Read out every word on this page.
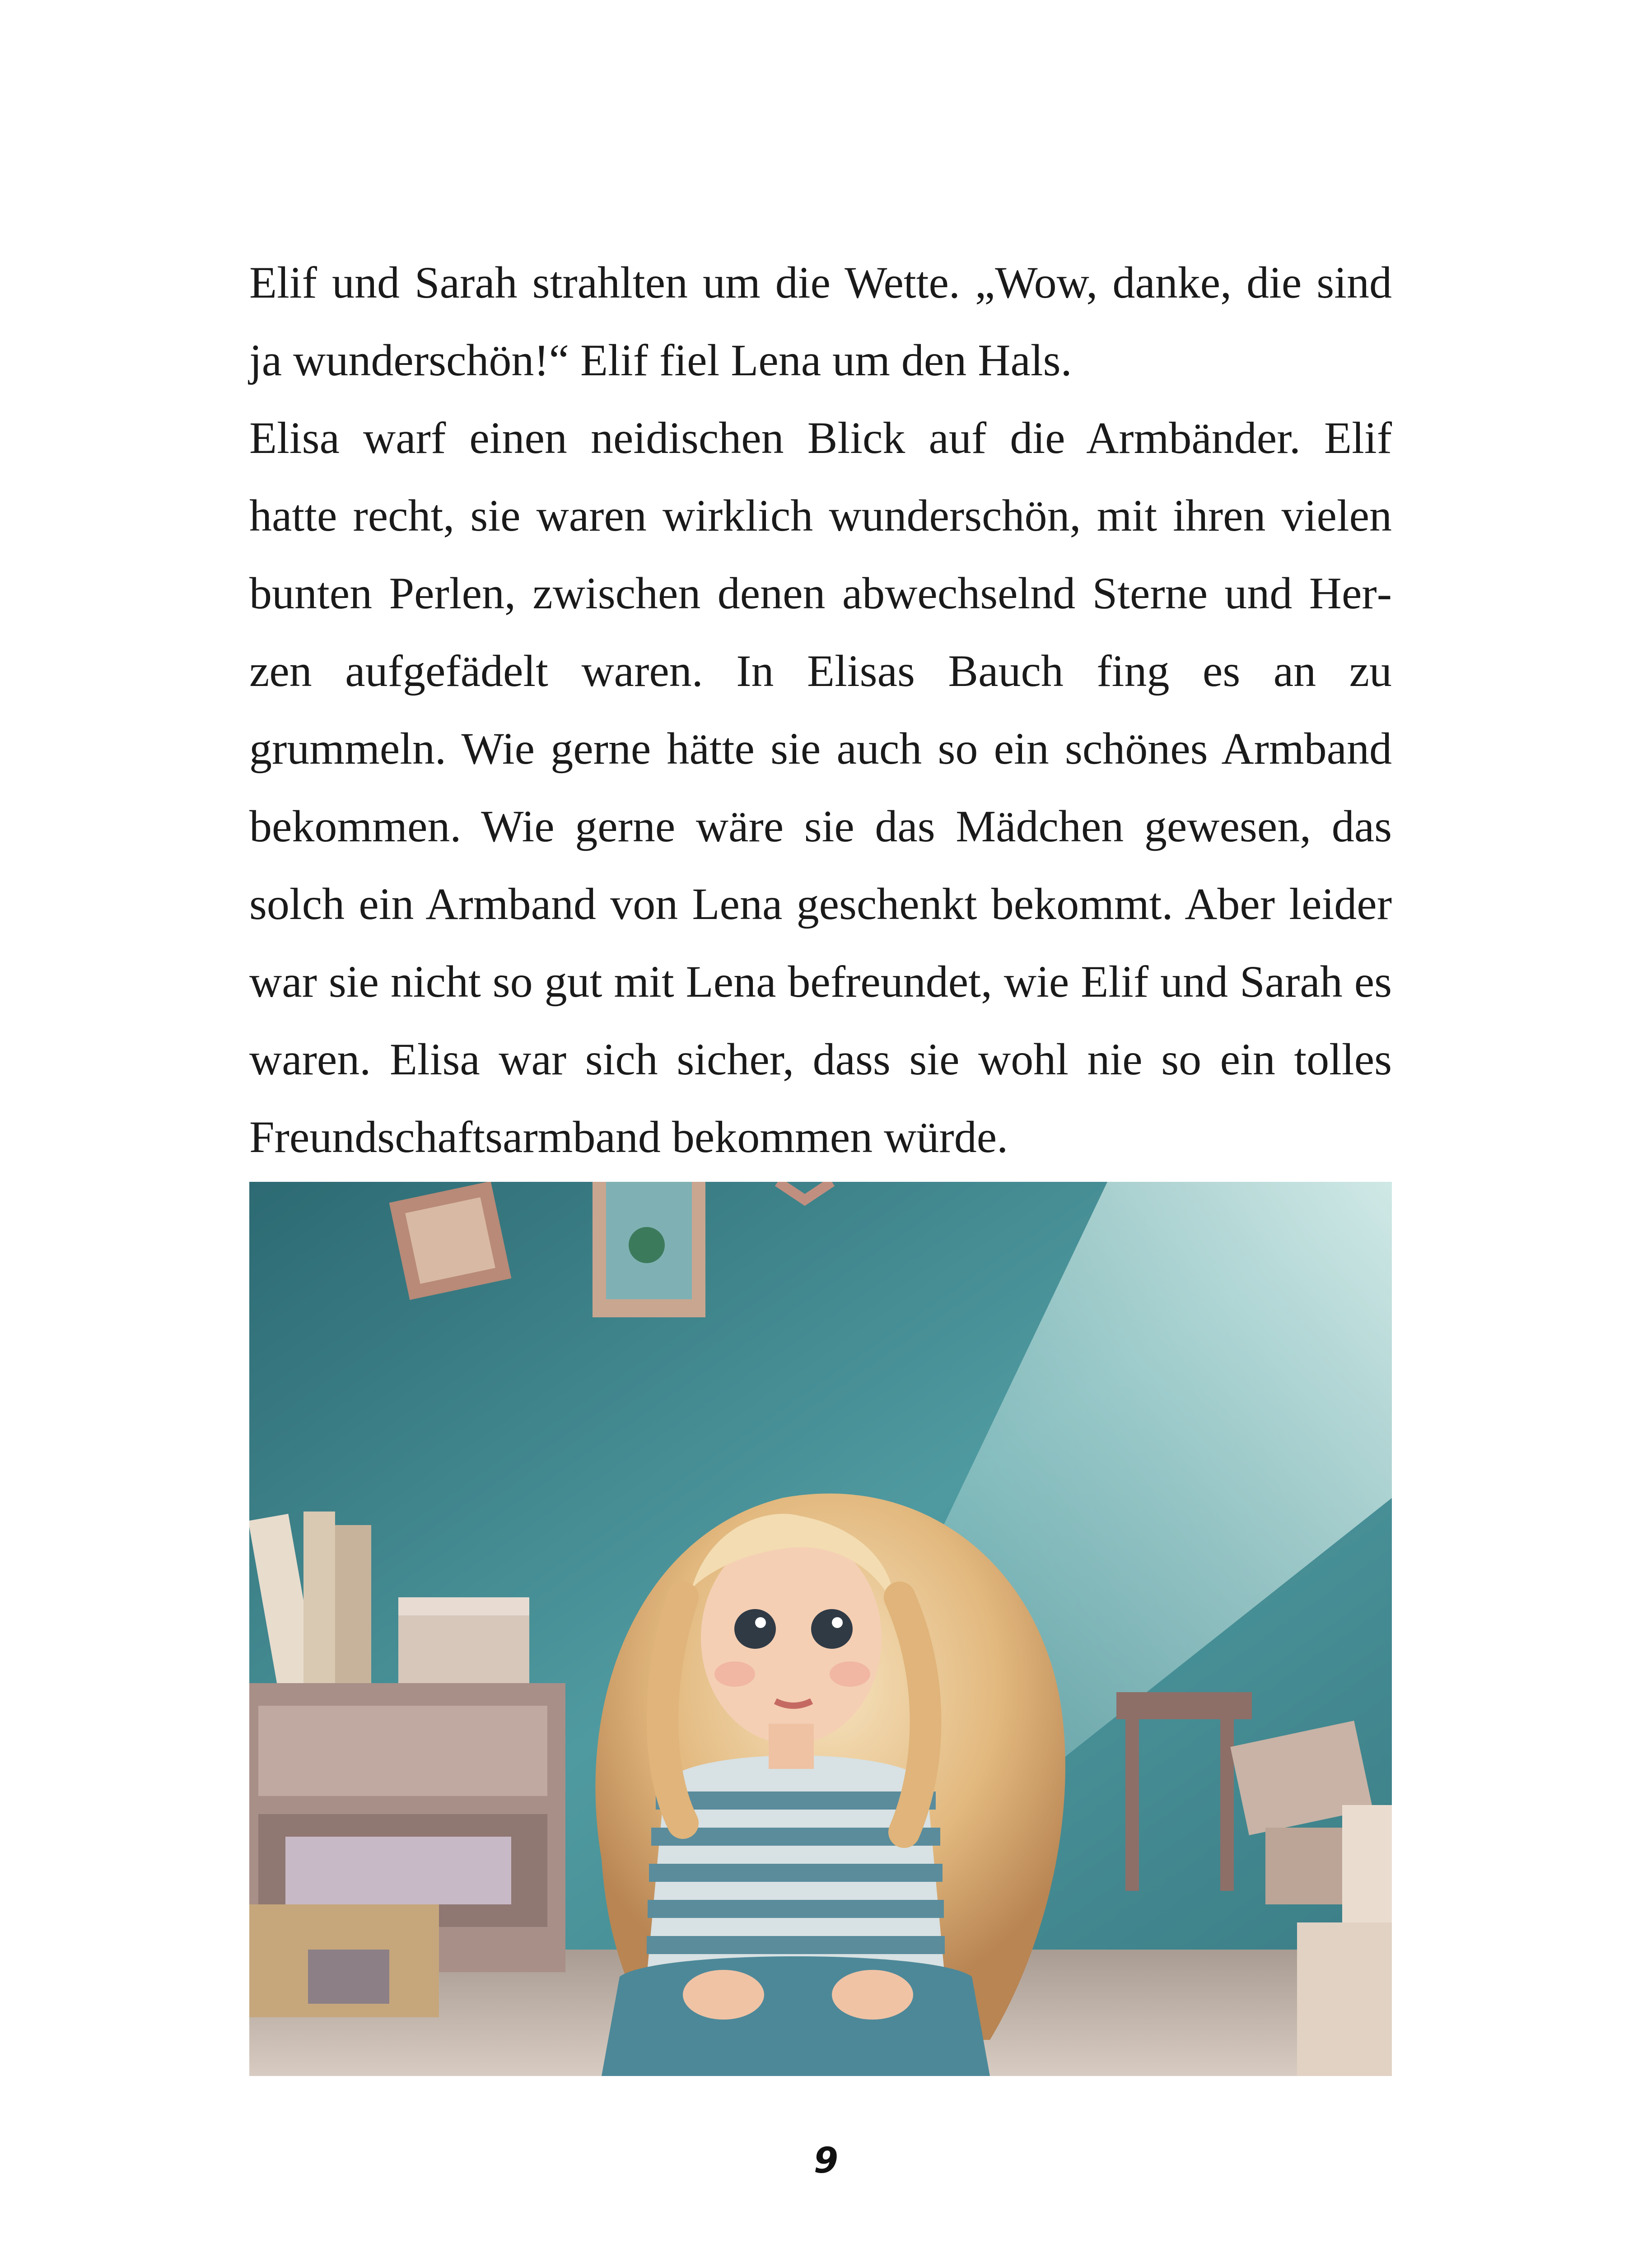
Elif und Sarah strahlten um die Wette. „Wow, danke, die sind ja wunderschön!“ Elif fiel Lena um den Hals.

Elisa warf einen neidischen Blick auf die Armbänder. Elif hatte recht, sie waren wirklich wunderschön, mit ihren vielen bunten Perlen, zwischen denen abwechselnd Sterne und Herzen aufgefädelt waren. In Elisas Bauch fing es an zu grummeln. Wie gerne hätte sie auch so ein schönes Armband bekommen. Wie gerne wäre sie das Mädchen gewesen, das solch ein Armband von Lena geschenkt bekommt. Aber leider war sie nicht so gut mit Lena befreundet, wie Elif und Sarah es waren. Elisa war sich sicher, dass sie wohl nie so ein tolles Freundschaftsarmband bekommen würde.

9
